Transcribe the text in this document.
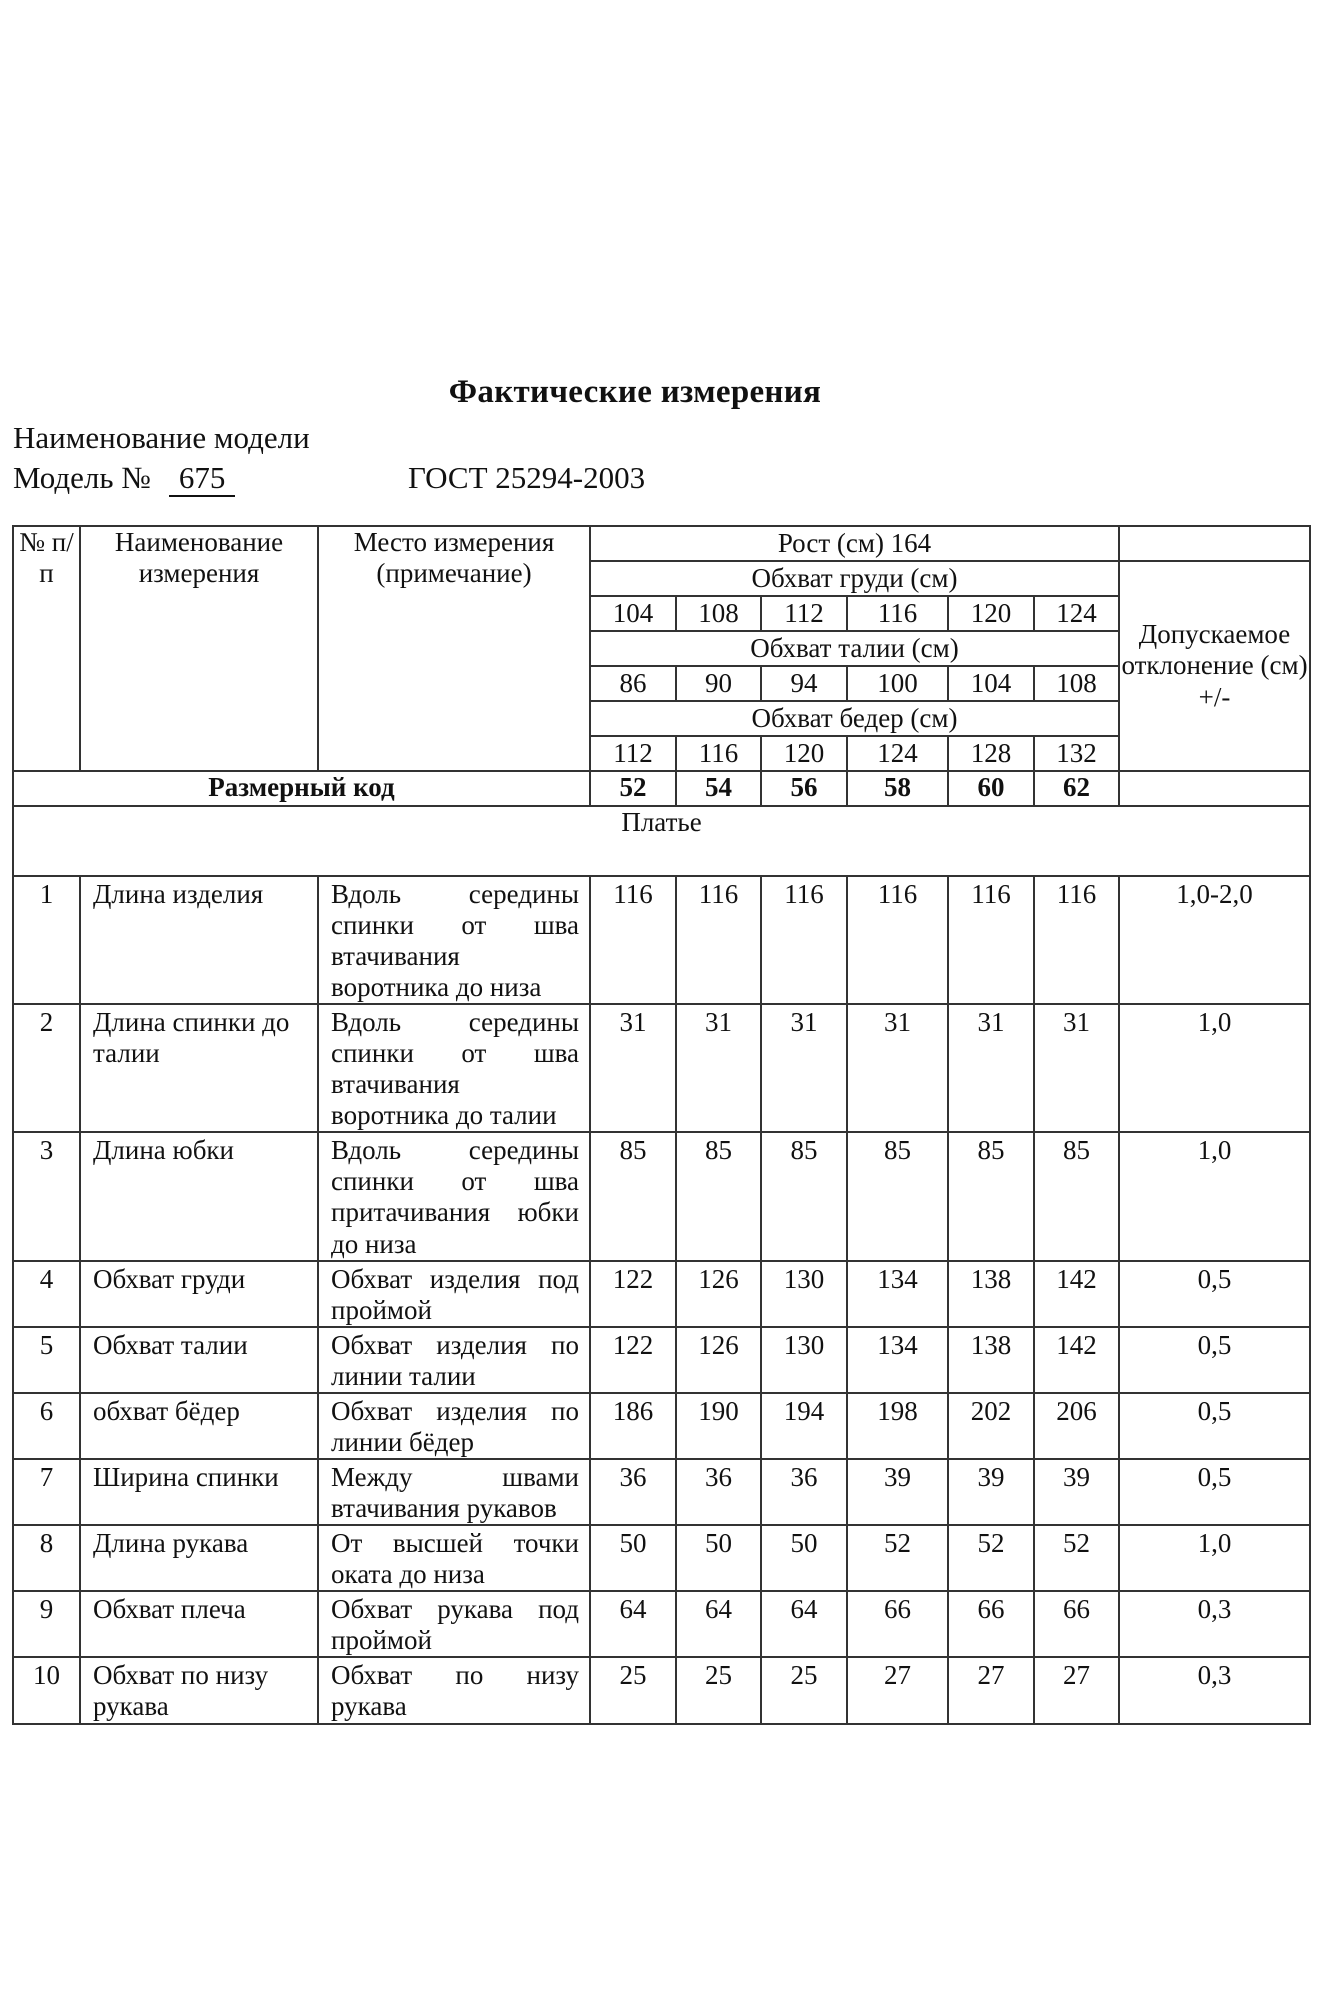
Фактические измерения
Наименование модели
Модель № 675	ГОСТ 25294-2003
№ п/п	Наименование измерения	Место измерения (примечание)	Рост (см) 164						
			Обхват груди (см)						Допускаемое отклонение (см) +/-
			104	108	112	116	120	124	
			Обхват талии (см)						
			86	90	94	100	104	108	
			Обхват бедер (см)						
			112	116	120	124	128	132	
Размерный код			52	54	56	58	60	62	
Платье									
1	Длина изделия	Вдоль середины спинки от шва втачивания воротника до низа	116	116	116	116	116	116	1,0-2,0
2	Длина спинки до талии	Вдоль середины спинки от шва втачивания воротника до талии	31	31	31	31	31	31	1,0
3	Длина юбки	Вдоль середины спинки от шва притачивания юбки до низа	85	85	85	85	85	85	1,0
4	Обхват груди	Обхват изделия под проймой	122	126	130	134	138	142	0,5
5	Обхват талии	Обхват изделия по линии талии	122	126	130	134	138	142	0,5
6	обхват бёдер	Обхват изделия по линии бёдер	186	190	194	198	202	206	0,5
7	Ширина спинки	Между швами втачивания рукавов	36	36	36	39	39	39	0,5
8	Длина рукава	От высшей точки оката до низа	50	50	50	52	52	52	1,0
9	Обхват плеча	Обхват рукава под проймой	64	64	64	66	66	66	0,3
10	Обхват по низу рукава	Обхват по низу рукава	25	25	25	27	27	27	0,3
